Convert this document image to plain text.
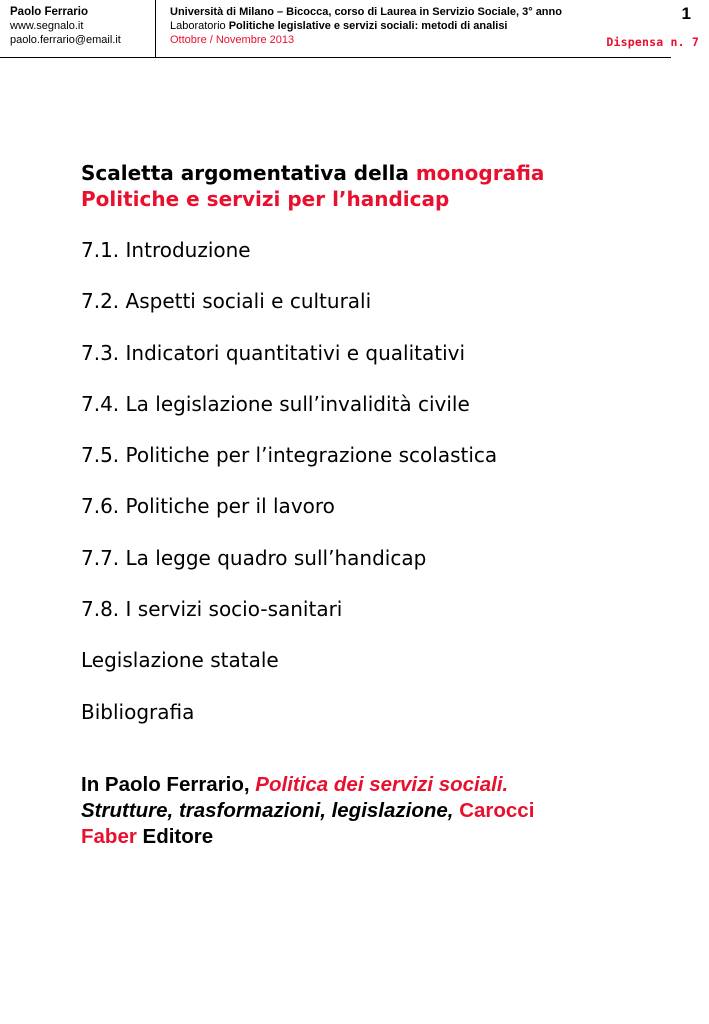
Paolo Ferrario
www.segnalo.it
paolo.ferrario@email.it
Università di Milano – Bicocca, corso di Laurea in Servizio Sociale, 3° anno
Laboratorio Politiche legislative e servizi sociali: metodi di analisi
Ottobre / Novembre 2013
1
Dispensa n. 7
Scaletta argomentativa della monografia
Politiche e servizi per l’handicap
7.1. Introduzione
7.2. Aspetti sociali e culturali
7.3. Indicatori quantitativi e qualitativi
7.4. La legislazione sull’invalidità civile
7.5. Politiche per l’integrazione scolastica
7.6. Politiche per il lavoro
7.7. La legge quadro sull’handicap
7.8. I servizi socio-sanitari
Legislazione statale
Bibliografia
In Paolo Ferrario, Politica dei servizi sociali.
Strutture, trasformazioni, legislazione, Carocci
Faber Editore
